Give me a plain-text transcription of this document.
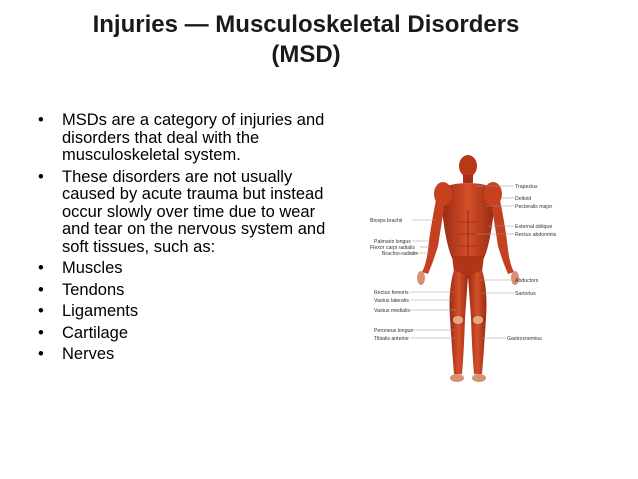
Injuries — Musculoskeletal Disorders
(MSD)
• MSDs are a category of injuries and disorders that deal with the musculoskeletal system.
• These disorders are not usually caused by acute trauma but instead occur slowly over time due to wear and tear on the nervous system and soft tissues, such as:
• Muscles
• Tendons
• Ligaments
• Cartilage
• Nerves
Biceps brachii
Palmaris longus
Flexor carpi radialis
Brachio-radialis
Rectus femoris
Vastus lateralis
Vastus medialis
Peroneus longus
Tibialis anterior
Trapezius
Deltoid
Pectoralis major
External oblique
Rectus abdominis
Abductors
Sartorius
Gastrocnemius
